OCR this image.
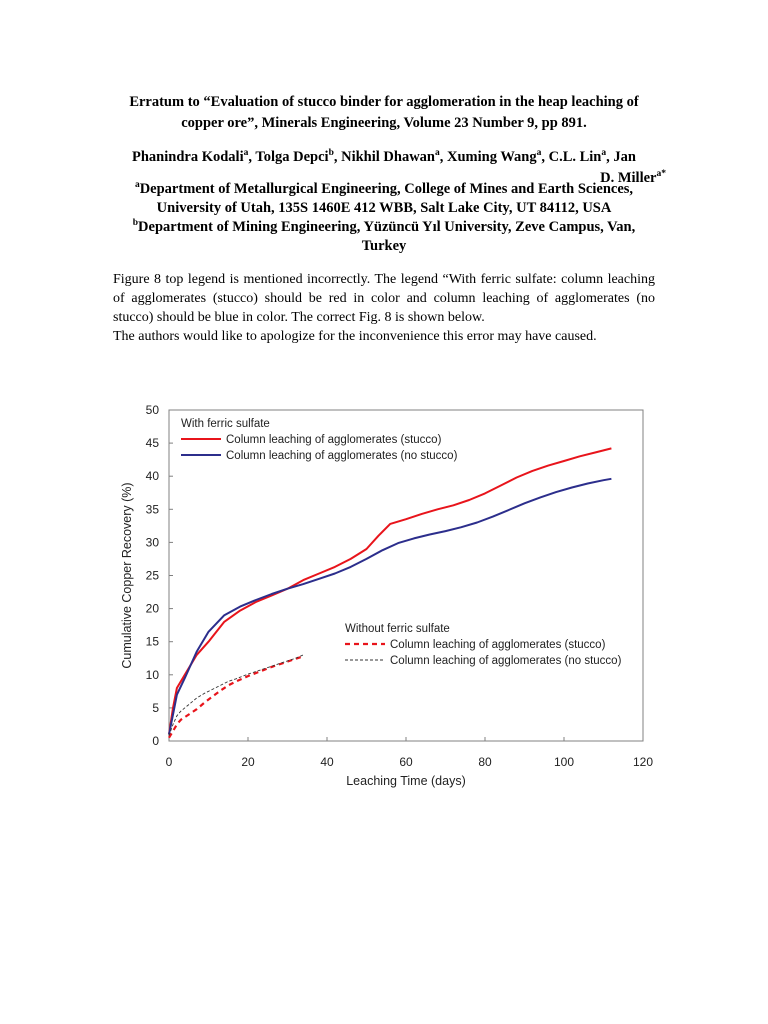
Erratum to “Evaluation of stucco binder for agglomeration in the heap leaching of
copper ore”, Minerals Engineering, Volume 23 Number 9, pp 891.
Phanindra Kodali$^a$, Tolga Depci$^b$, Nikhil Dhawan$^a$, Xuming Wang$^a$, C.L. Lin$^a$, Jan
D. Miller$^{a*}$
$^a$Department of Metallurgical Engineering, College of Mines and Earth Sciences,
University of Utah, 135S 1460E 412 WBB, Salt Lake City, UT 84112, USA
$^b$Department of Mining Engineering, Yüzüncü Yıl University, Zeve Campus, Van,
Turkey

Figure 8 top legend is mentioned incorrectly. The legend “With ferric sulfate: column leaching of agglomerates (stucco) should be red in color and column leaching of agglomerates (no stucco) should be blue in color. The correct Fig. 8 is shown below.

The authors would like to apologize for the inconvenience this error may have caused.

0
5
10
15
20
25
30
35
40
45
50
0	20	40	60	80	100	120
Leaching Time (days)
Cumulative Copper Recovery (%)
With ferric sulfate
Column leaching of agglomerates (stucco)
Column leaching of agglomerates (no stucco)
Without ferric sulfate
Column leaching of agglomerates (stucco)
Column leaching of agglomerates (no stucco)
